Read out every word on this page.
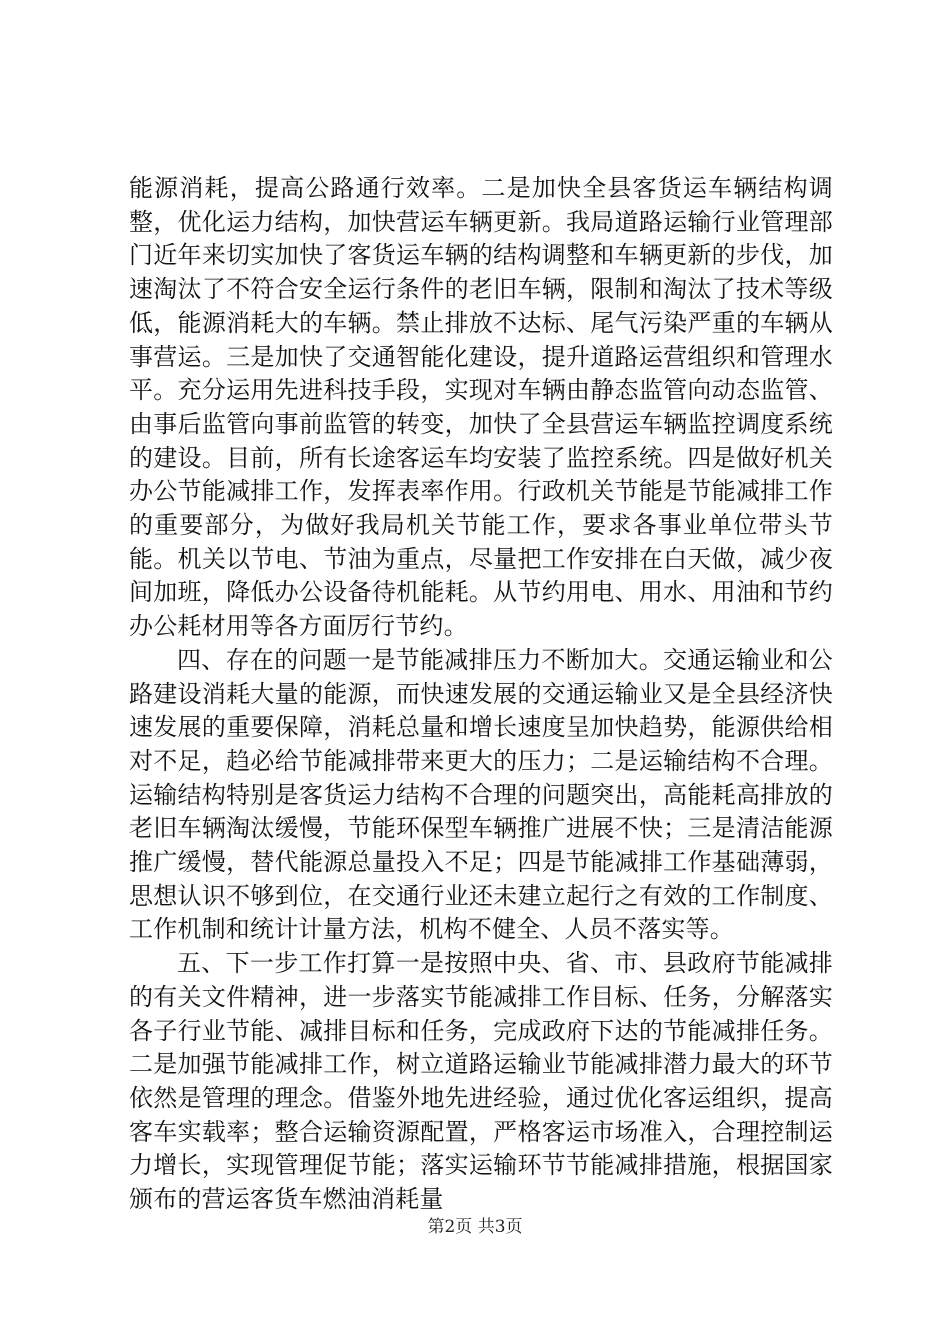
能源消耗，提高公路通行效率。二是加快全县客货运车辆结构调整，优化运力结构，加快营运车辆更新。我局道路运输行业管理部门近年来切实加快了客货运车辆的结构调整和车辆更新的步伐，加速淘汰了不符合安全运行条件的老旧车辆，限制和淘汰了技术等级低，能源消耗大的车辆。禁止排放不达标、尾气污染严重的车辆从事营运。三是加快了交通智能化建设，提升道路运营组织和管理水平。充分运用先进科技手段，实现对车辆由静态监管向动态监管、由事后监管向事前监管的转变，加快了全县营运车辆监控调度系统的建设。目前，所有长途客运车均安装了监控系统。四是做好机关办公节能减排工作，发挥表率作用。行政机关节能是节能减排工作的重要部分，为做好我局机关节能工作，要求各事业单位带头节能。机关以节电、节油为重点，尽量把工作安排在白天做，减少夜间加班，降低办公设备待机能耗。从节约用电、用水、用油和节约办公耗材用等各方面厉行节约。

四、存在的问题一是节能减排压力不断加大。交通运输业和公路建设消耗大量的能源，而快速发展的交通运输业又是全县经济快速发展的重要保障，消耗总量和增长速度呈加快趋势，能源供给相对不足，趋必给节能减排带来更大的压力；二是运输结构不合理。运输结构特别是客货运力结构不合理的问题突出，高能耗高排放的老旧车辆淘汰缓慢，节能环保型车辆推广进展不快；三是清洁能源推广缓慢，替代能源总量投入不足；四是节能减排工作基础薄弱，思想认识不够到位，在交通行业还未建立起行之有效的工作制度、工作机制和统计计量方法，机构不健全、人员不落实等。

五、下一步工作打算一是按照中央、省、市、县政府节能减排的有关文件精神，进一步落实节能减排工作目标、任务，分解落实各子行业节能、减排目标和任务，完成政府下达的节能减排任务。二是加强节能减排工作，树立道路运输业节能减排潜力最大的环节依然是管理的理念。借鉴外地先进经验，通过优化客运组织，提高客车实载率；整合运输资源配置，严格客运市场准入，合理控制运力增长，实现管理促节能；落实运输环节节能减排措施，根据国家颁布的营运客货车燃油消耗量

第2页 共3页
